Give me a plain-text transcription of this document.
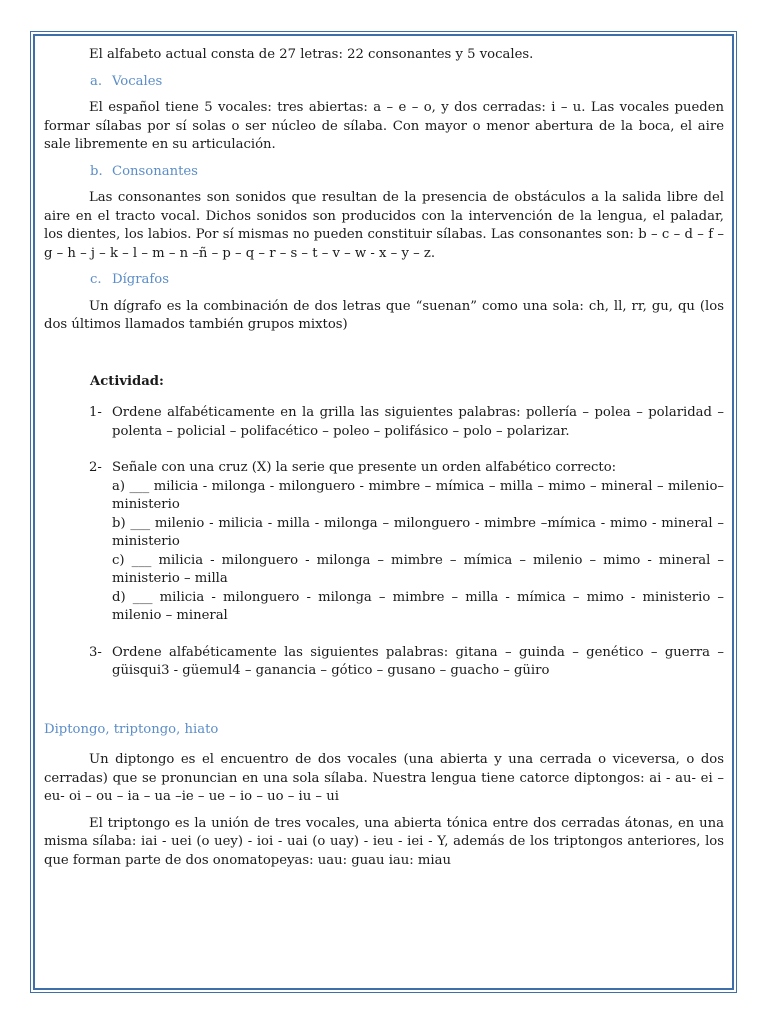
El alfabeto actual consta de 27 letras: 22 consonantes y 5 vocales.

a. Vocales

El español tiene 5 vocales: tres abiertas: a – e – o, y dos cerradas: i – u. Las vocales pueden formar sílabas por sí solas o ser núcleo de sílaba. Con mayor o menor abertura de la boca, el aire sale libremente en su articulación.

b. Consonantes

Las consonantes son sonidos que resultan de la presencia de obstáculos a la salida libre del aire en el tracto vocal. Dichos sonidos son producidos con la intervención de la lengua, el paladar, los dientes, los labios. Por sí mismas no pueden constituir sílabas. Las consonantes son: b – c – d – f – g – h – j – k – l – m – n –ñ – p – q – r – s – t – v – w - x – y – z.

c. Dígrafos

Un dígrafo es la combinación de dos letras que “suenan” como una sola: ch, ll, rr, gu, qu (los dos últimos llamados también grupos mixtos)

Actividad:

1- Ordene alfabéticamente en la grilla las siguientes palabras: pollería – polea – polaridad – polenta – policial – polifacético – poleo – polifásico – polo – polarizar.
2- Señale con una cruz (X) la serie que presente un orden alfabético correcto:
a) ___ milicia - milonga - milonguero - mimbre – mímica – milla – mimo – mineral – milenio– ministerio
b) ___ milenio - milicia - milla - milonga – milonguero - mimbre –mímica - mimo - mineral – ministerio
c) ___ milicia - milonguero - milonga – mimbre – mímica – milenio – mimo - mineral – ministerio – milla
d) ___ milicia - milonguero - milonga – mimbre – milla - mímica – mimo - ministerio – milenio – mineral
3- Ordene alfabéticamente las siguientes palabras: gitana – guinda – genético – guerra – güisqui3 - güemul4 – ganancia – gótico – gusano – guacho – güiro

Diptongo, triptongo, hiato

Un diptongo es el encuentro de dos vocales (una abierta y una cerrada o viceversa, o dos cerradas) que se pronuncian en una sola sílaba. Nuestra lengua tiene catorce diptongos: ai - au- ei – eu- oi – ou – ia – ua –ie – ue – io – uo – iu – ui

El triptongo es la unión de tres vocales, una abierta tónica entre dos cerradas átonas, en una misma sílaba: iai - uei (o uey) - ioi - uai (o uay) - ieu - iei - Y, además de los triptongos anteriores, los que forman parte de dos onomatopeyas: uau: guau iau: miau
